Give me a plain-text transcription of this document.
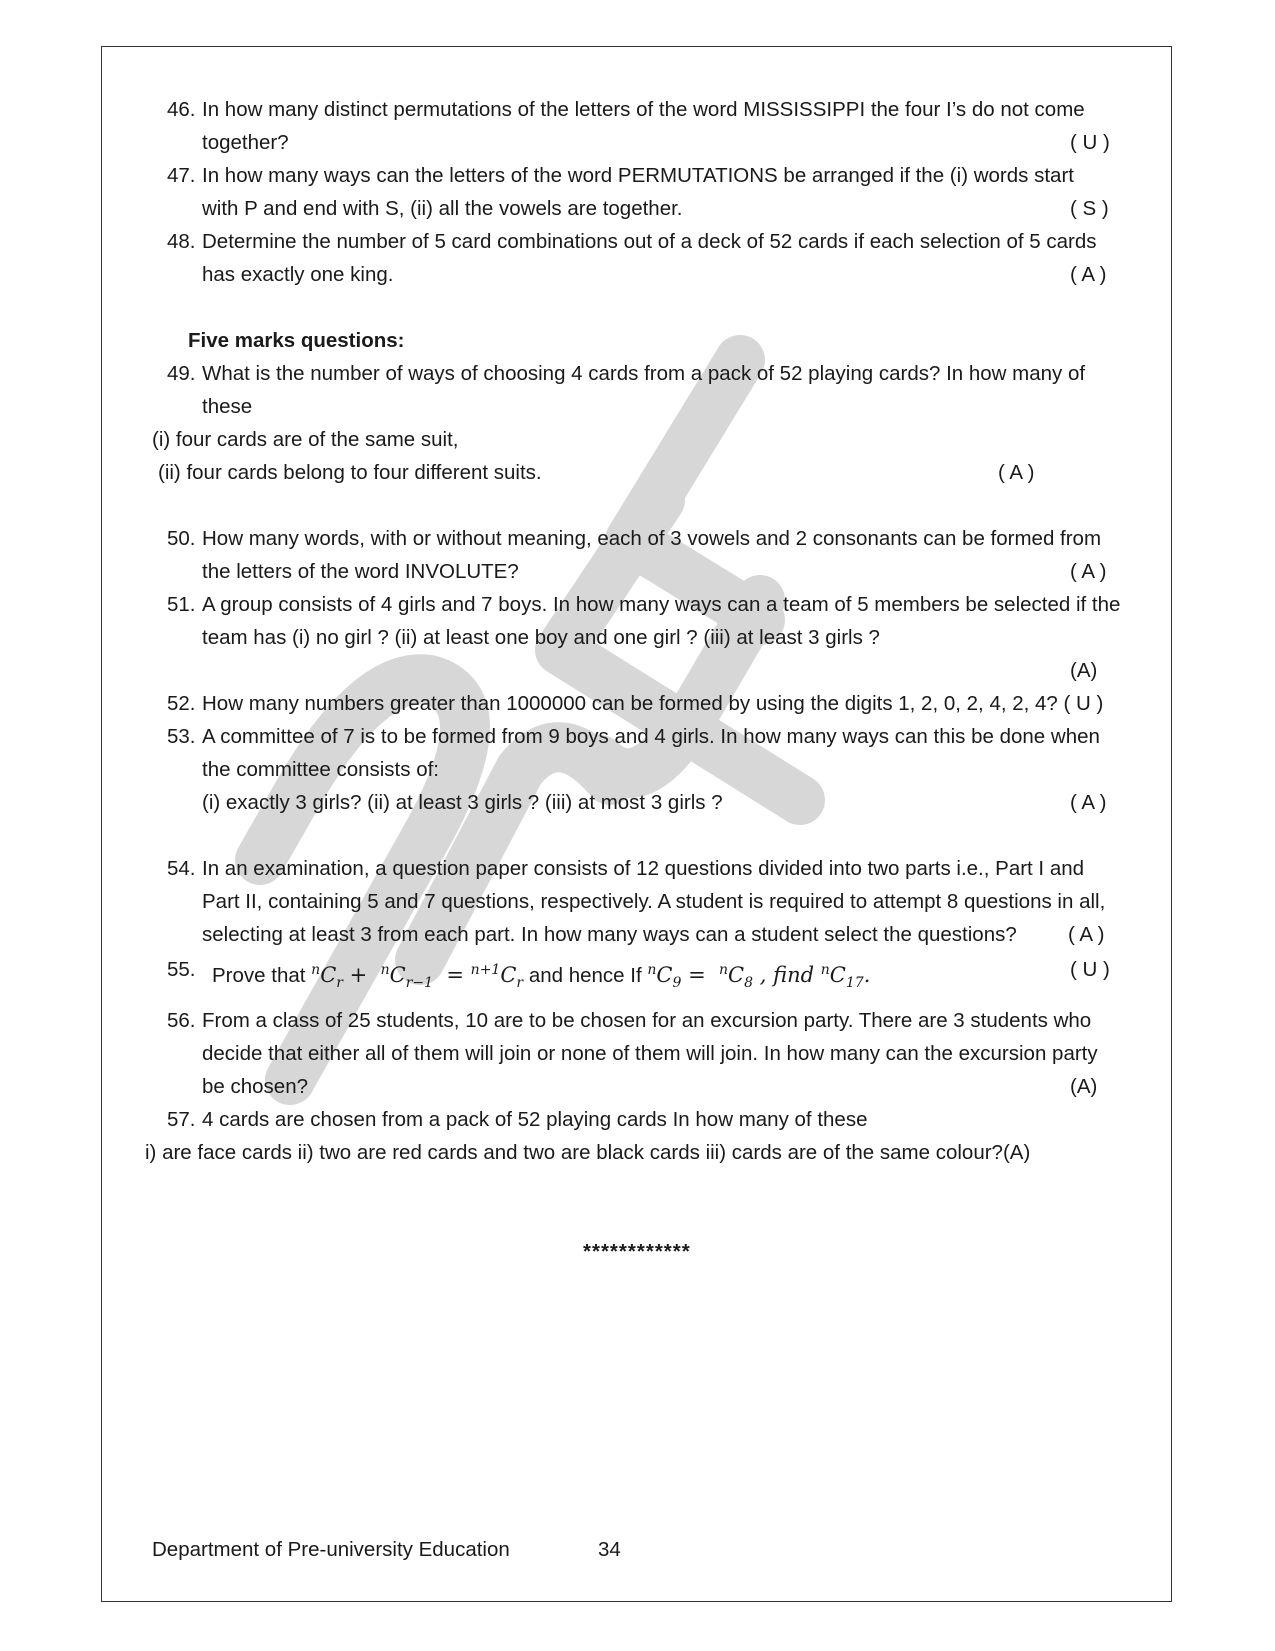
46. In how many distinct permutations of the letters of the word MISSISSIPPI the four I’s do not come
together?	( U )
47. In how many ways can the letters of the word PERMUTATIONS be arranged if the (i) words start
with P and end with S, (ii) all the vowels are together.	( S )
48. Determine the number of 5 card combinations out of a deck of 52 cards if each selection of 5 cards
has exactly one king.	( A )
Five marks questions:
49. What is the number of ways of choosing 4 cards from a pack of 52 playing cards? In how many of
these
(i) four cards are of the same suit,
(ii) four cards belong to four different suits.	( A )
50. How many words, with or without meaning, each of 3 vowels and 2 consonants can be formed from
the letters of the word INVOLUTE?	( A )
51. A group consists of 4 girls and 7 boys. In how many ways can a team of 5 members be selected if the
team has (i) no girl ? (ii) at least one boy and one girl ? (iii) at least 3 girls ?
(A)
52. How many numbers greater than 1000000 can be formed by using the digits 1, 2, 0, 2, 4, 2, 4? ( U )
53. A committee of 7 is to be formed from 9 boys and 4 girls. In how many ways can this be done when
the committee consists of:
(i) exactly 3 girls? (ii) at least 3 girls ? (iii) at most 3 girls ?	( A )
54. In an examination, a question paper consists of 12 questions divided into two parts i.e., Part I and
Part II, containing 5 and 7 questions, respectively. A student is required to attempt 8 questions in all,
selecting at least 3 from each part. In how many ways can a student select the questions? ( A )
55. Prove that $^nC_r + ^nC_{r-1} = ^{n+1}C_r$ and hence If $^nC_9 = ^nC_8$ , find $^nC_{17}$.	( U )
56. From a class of 25 students, 10 are to be chosen for an excursion party. There are 3 students who
decide that either all of them will join or none of them will join. In how many can the excursion party
be chosen?	(A)
57. 4 cards are chosen from a pack of 52 playing cards In how many of these
i) are face cards ii) two are red cards and two are black cards iii) cards are of the same colour?(A)
************
Department of Pre-university Education	34
